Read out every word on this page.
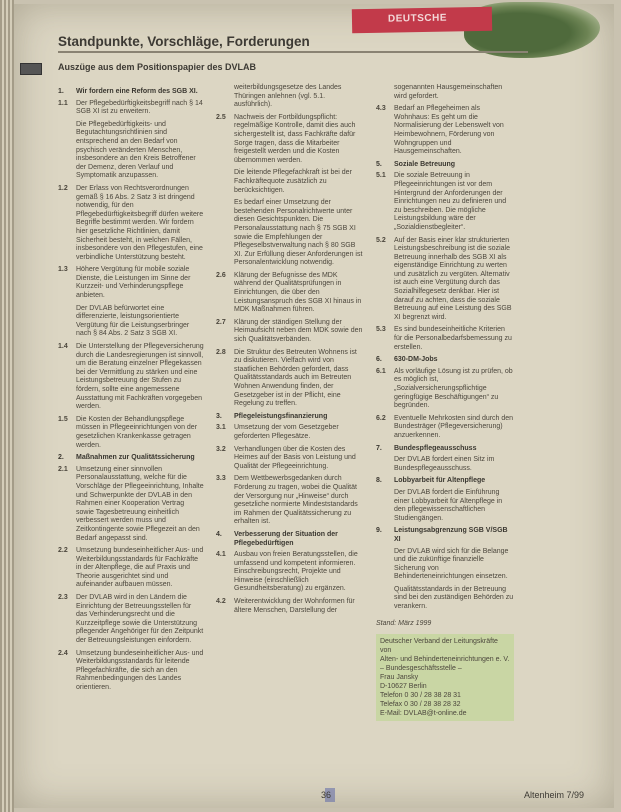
DEUTSCHE
Standpunkte, Vorschläge, Forderungen

Auszüge aus dem Positionspapier des DVLAB

1.	Wir fordern eine Reform des SGB XI.
1.1	Der Pflegebedürftigkeitsbegriff nach § 14 SGB XI ist zu erweitern.
Die Pflegebedürftigkeits- und Begutachtungsrichtlinien sind entsprechend an den Bedarf von psychisch veränderten Menschen, insbesondere an den Kreis Betroffener der Demenz, deren Verlauf und Symptomatik anzupassen.
1.2	Der Erlass von Rechtsverordnungen gemäß § 16 Abs. 2 Satz 3 ist dringend notwendig, für den Pflegebedürftigkeitsbegriff dürfen weitere Begriffe bestimmt werden. Wir fordern hier gesetzliche Richtlinien, damit Sicherheit besteht, in welchen Fällen, insbesondere von den Pflegestufen, eine verbindliche Unterstützung besteht.
1.3	Höhere Vergütung für mobile soziale Dienste, die Leistungen im Sinne der Kurzzeit- und Verhinderungspflege anbieten.
Der DVLAB befürwortet eine differenzierte, leistungsorientierte Vergütung für die Leistungserbringer nach § 84 Abs. 2 Satz 3 SGB XI.
1.4	Die Unterstellung der Pflegeversicherung durch die Landesregierungen ist sinnvoll, um die Beratung einzelner Pflegekassen bei der Vermittlung zu stärken und eine Leistungsbetreuung der Stufen zu fördern, sollte eine angemessene Ausstattung mit Fachkräften vorgegeben werden.
1.5	Die Kosten der Behandlungspflege müssen in Pflegeeinrichtungen von der gesetzlichen Krankenkasse getragen werden.
2.	Maßnahmen zur Qualitätssicherung
2.1	Umsetzung einer sinnvollen Personalausstattung, welche für die Vorschläge der Pflegeeinrichtung, Inhalte und Schwerpunkte der DVLAB in den Rahmen einer Kooperation Vertrag sowie Tagesbetreuung einheitlich verbessert werden muss und Zeitkontingente sowie Pflegezeit an den Bedarf angepasst sind.
2.2	Umsetzung bundeseinheitlicher Aus- und Weiterbildungsstandards für Fachkräfte in der Altenpflege, die auf Praxis und Theorie ausgerichtet sind und aufeinander aufbauen müssen.
2.3	Der DVLAB wird in den Ländern die Einrichtung der Betreuungsstellen für das Verhinderungsrecht und die Kurzzeitpflege sowie die Unterstützung pflegender Angehöriger für den Zeitpunkt der Betreuungsleistungen einfordern.
2.4	Umsetzung bundeseinheitlicher Aus- und Weiterbildungsstandards für leitende Pflegefachkräfte, die sich an den Rahmenbedingungen des Landes orientieren.
weiterbildungsgesetze des Landes Thüringen anlehnen (vgl. 5.1. ausführlich).
2.5	Nachweis der Fortbildungspflicht: regelmäßige Kontrolle, damit dies auch sichergestellt ist, dass Fachkräfte dafür Sorge tragen, dass die Mitarbeiter freigestellt werden und die Kosten übernommen werden.
Die leitende Pflegefachkraft ist bei der Fachkräftequote zusätzlich zu berücksichtigen.
Es bedarf einer Umsetzung der bestehenden Personalrichtwerte unter diesen Gesichtspunkten. Die Personalausstattung nach § 75 SGB XI sowie die Empfehlungen der Pflegeselbstverwaltung nach § 80 SGB XI. Zur Erfüllung dieser Anforderungen ist Personalentwicklung notwendig.
2.6	Klärung der Befugnisse des MDK während der Qualitätsprüfungen in Einrichtungen, die über den Leistungsanspruch des SGB XI hinaus in MDK Maßnahmen führen.
2.7	Klärung der ständigen Stellung der Heimaufsicht neben dem MDK sowie den sich Qualitätsverbänden.
2.8	Die Struktur des Betreuten Wohnens ist zu diskutieren. Vielfach wird von staatlichen Behörden gefordert, dass Qualitätsstandards auch im Betreuten Wohnen Anwendung finden, der Gesetzgeber ist in der Pflicht, eine Regelung zu treffen.
3.	Pflegeleistungsfinanzierung
3.1	Umsetzung der vom Gesetzgeber geforderten Pflegesätze.
3.2	Verhandlungen über die Kosten des Heimes auf der Basis von Leistung und Qualität der Pflegeeinrichtung.
3.3	Dem Wettbewerbsgedanken durch Förderung zu tragen, wobei die Qualität der Versorgung nur „Hinweise“ durch gesetzliche normierte Mindeststandards im Rahmen der Qualitätssicherung zu erhalten ist.
4.	Verbesserung der Situation der Pflegebedürftigen
4.1	Ausbau von freien Beratungsstellen, die umfassend und kompetent informieren. Einschreibungsrecht, Projekte und Hinweise (einschließlich Gesundheitsberatung) zu ergänzen.
4.2	Weiterentwicklung der Wohnformen für ältere Menschen, Darstellung der
sogenannten Hausgemeinschaften wird gefordert.
4.3	Bedarf an Pflegeheimen als Wohnhaus: Es geht um die Normalisierung der Lebenswelt von Heimbewohnern, Förderung von Wohngruppen und Hausgemeinschaften.
5.	Soziale Betreuung
5.1	Die soziale Betreuung in Pflegeeinrichtungen ist vor dem Hintergrund der Anforderungen der Einrichtungen neu zu definieren und zu beschreiben. Die mögliche Leistungsbildung wäre der „Sozialdienstbegleiter“.
5.2	Auf der Basis einer klar strukturierten Leistungsbeschreibung ist die soziale Betreuung innerhalb des SGB XI als eigenständige Einrichtung zu werten und zusätzlich zu vergüten. Alternativ ist auch eine Vergütung durch das Sozialhilfegesetz denkbar. Hier ist darauf zu achten, dass die soziale Betreuung auf eine Leistung des SGB XI begrenzt wird.
5.3	Es sind bundeseinheitliche Kriterien für die Personalbedarfsbemessung zu erstellen.
6.	630-DM-Jobs
6.1	Als vorläufige Lösung ist zu prüfen, ob es möglich ist, „Sozialversicherungspflichtige geringfügige Beschäftigungen“ zu begründen.
6.2	Eventuelle Mehrkosten sind durch den Bundesträger (Pflegeversicherung) anzuerkennen.
7.	Bundespflegeausschuss
Der DVLAB fordert einen Sitz im Bundespflegeausschuss.
8.	Lobbyarbeit für Altenpflege
Der DVLAB fordert die Einführung einer Lobbyarbeit für Altenpflege in den pflegewissenschaftlichen Studiengängen.
9.	Leistungsabgrenzung SGB V/SGB XI
Der DVLAB wird sich für die Belange und die zukünftige finanzielle Sicherung von Behinderteneinrichtungen einsetzen.
Qualitätsstandards in der Betreuung sind bei den zuständigen Behörden zu verankern.
Stand: März 1999
Deutscher Verband der Leitungskräfte von
Alten- und Behinderteneinrichtungen e. V.
– Bundesgeschäftsstelle –
Frau Jansky
D-10627 Berlin
Telefon 0 30 / 28 38 28 31
Telefax 0 30 / 28 38 28 32
E-Mail: DVLAB@t-online.de
36	Altenheim 7/99
